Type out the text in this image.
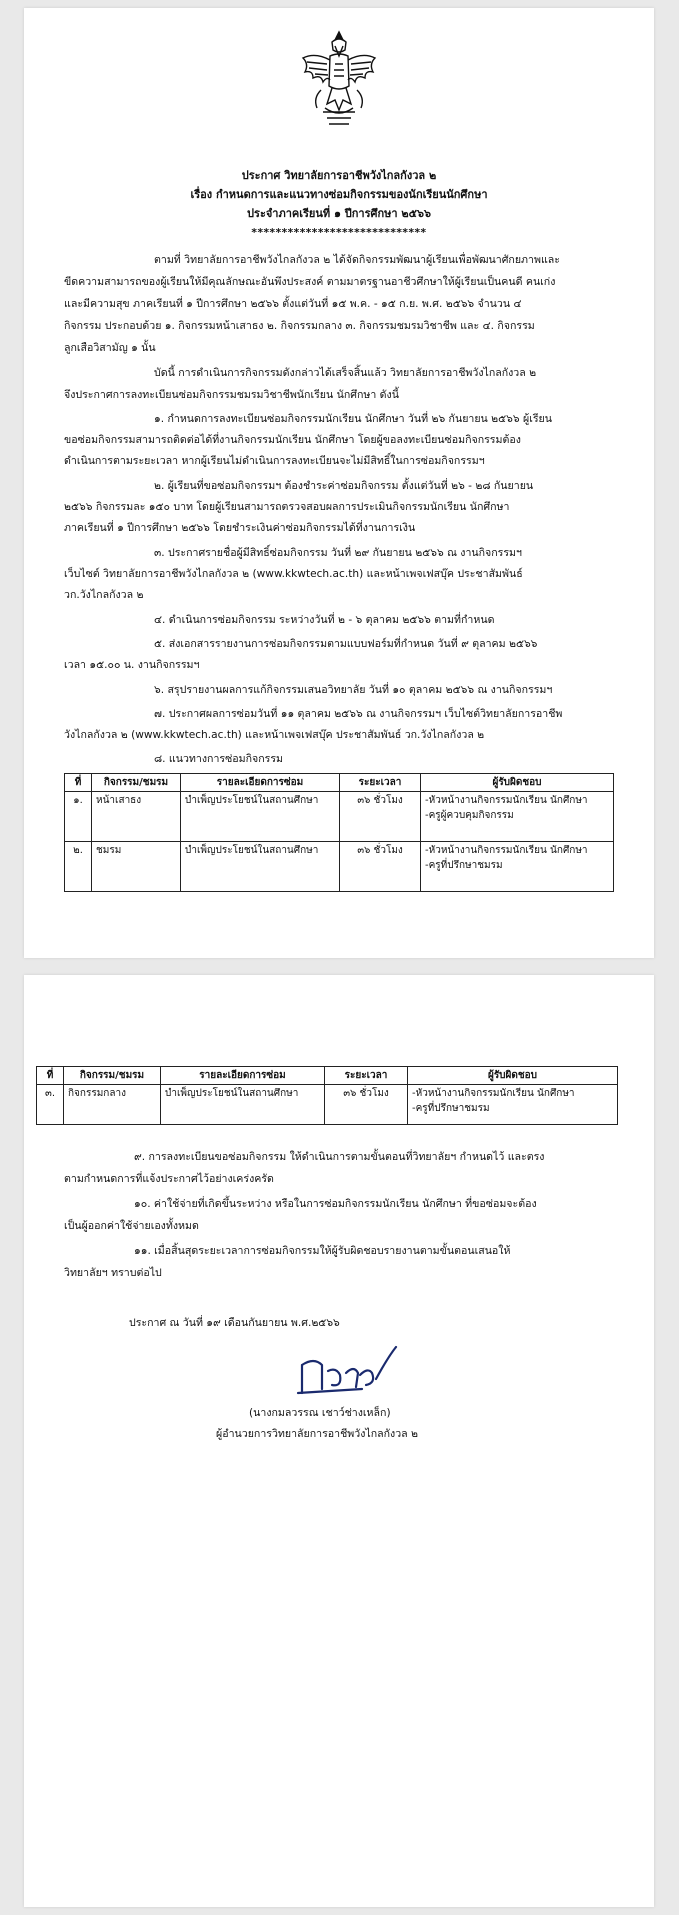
ประกาศ วิทยาลัยการอาชีพวังไกลกังวล ๒
เรื่อง กำหนดการและแนวทางซ่อมกิจกรรมของนักเรียนนักศึกษา
ประจำภาคเรียนที่ ๑ ปีการศึกษา ๒๕๖๖
*****************************
ตามที่ วิทยาลัยการอาชีพวังไกลกังวล ๒ ได้จัดกิจกรรมพัฒนาผู้เรียนเพื่อพัฒนาศักยภาพและ
ขีดความสามารถของผู้เรียนให้มีคุณลักษณะอันพึงประสงค์ ตามมาตรฐานอาชีวศึกษาให้ผู้เรียนเป็นคนดี คนเก่ง
และมีความสุข ภาคเรียนที่ ๑ ปีการศึกษา ๒๕๖๖ ตั้งแต่วันที่ ๑๕ พ.ค. - ๑๕ ก.ย. พ.ศ. ๒๕๖๖ จำนวน ๔
กิจกรรม ประกอบด้วย ๑. กิจกรรมหน้าเสาธง ๒. กิจกรรมกลาง ๓. กิจกรรมชมรมวิชาชีพ และ ๔. กิจกรรม
ลูกเสือวิสามัญ ๑ นั้น
บัดนี้ การดำเนินการกิจกรรมดังกล่าวได้เสร็จสิ้นแล้ว วิทยาลัยการอาชีพวังไกลกังวล ๒
จึงประกาศการลงทะเบียนซ่อมกิจกรรมชมรมวิชาชีพนักเรียน นักศึกษา ดังนี้
๑. กำหนดการลงทะเบียนซ่อมกิจกรรมนักเรียน นักศึกษา วันที่ ๒๖ กันยายน ๒๕๖๖ ผู้เรียน
ขอซ่อมกิจกรรมสามารถติดต่อได้ที่งานกิจกรรมนักเรียน นักศึกษา โดยผู้ขอลงทะเบียนซ่อมกิจกรรมต้อง
ดำเนินการตามระยะเวลา หากผู้เรียนไม่ดำเนินการลงทะเบียนจะไม่มีสิทธิ์ในการซ่อมกิจกรรมฯ
๒. ผู้เรียนที่ขอซ่อมกิจกรรมฯ ต้องชำระค่าซ่อมกิจกรรม ตั้งแต่วันที่ ๒๖ - ๒๘ กันยายน
๒๕๖๖ กิจกรรมละ ๑๕๐ บาท โดยผู้เรียนสามารถตรวจสอบผลการประเมินกิจกรรมนักเรียน นักศึกษา
ภาคเรียนที่ ๑ ปีการศึกษา ๒๕๖๖ โดยชำระเงินค่าซ่อมกิจกรรมได้ที่งานการเงิน
๓. ประกาศรายชื่อผู้มีสิทธิ์ซ่อมกิจกรรม วันที่ ๒๙ กันยายน ๒๕๖๖ ณ งานกิจกรรมฯ
เว็บไซต์ วิทยาลัยการอาชีพวังไกลกังวล ๒ (www.kkwtech.ac.th) และหน้าเพจเฟสบุ๊ค ประชาสัมพันธ์
วก.วังไกลกังวล ๒
๔. ดำเนินการซ่อมกิจกรรม ระหว่างวันที่ ๒ - ๖ ตุลาคม ๒๕๖๖ ตามที่กำหนด
๕. ส่งเอกสารรายงานการซ่อมกิจกรรมตามแบบฟอร์มที่กำหนด วันที่ ๙ ตุลาคม ๒๕๖๖
เวลา ๑๕.๐๐ น. งานกิจกรรมฯ
๖. สรุปรายงานผลการแก้กิจกรรมเสนอวิทยาลัย วันที่ ๑๐ ตุลาคม ๒๕๖๖ ณ งานกิจกรรมฯ
๗. ประกาศผลการซ่อมวันที่ ๑๑ ตุลาคม ๒๕๖๖ ณ งานกิจกรรมฯ เว็บไซต์วิทยาลัยการอาชีพ
วังไกลกังวล ๒ (www.kkwtech.ac.th) และหน้าเพจเฟสบุ๊ค ประชาสัมพันธ์ วก.วังไกลกังวล ๒
๘. แนวทางการซ่อมกิจกรรม
ที่	กิจกรรม/ชมรม	รายละเอียดการซ่อม	ระยะเวลา	ผู้รับผิดชอบ
๑.	หน้าเสาธง	บำเพ็ญประโยชน์ในสถานศึกษา	๓๖ ชั่วโมง	-หัวหน้างานกิจกรรมนักเรียน นักศึกษา
-ครูผู้ควบคุมกิจกรรม

๒.	ชมรม	บำเพ็ญประโยชน์ในสถานศึกษา	๓๖ ชั่วโมง	-หัวหน้างานกิจกรรมนักเรียน นักศึกษา
-ครูที่ปรึกษาชมรม
ที่	กิจกรรม/ชมรม	รายละเอียดการซ่อม	ระยะเวลา	ผู้รับผิดชอบ
๓.	กิจกรรมกลาง	บำเพ็ญประโยชน์ในสถานศึกษา	๓๖ ชั่วโมง	-หัวหน้างานกิจกรรมนักเรียน นักศึกษา
-ครูที่ปรึกษาชมรม
๙. การลงทะเบียนขอซ่อมกิจกรรม ให้ดำเนินการตามขั้นตอนที่วิทยาลัยฯ กำหนดไว้ และตรง
ตามกำหนดการที่แจ้งประกาศไว้อย่างเคร่งครัด
๑๐. ค่าใช้จ่ายที่เกิดขึ้นระหว่าง หรือในการซ่อมกิจกรรมนักเรียน นักศึกษา ที่ขอซ่อมจะต้อง
เป็นผู้ออกค่าใช้จ่ายเองทั้งหมด
๑๑. เมื่อสิ้นสุดระยะเวลาการซ่อมกิจกรรมให้ผู้รับผิดชอบรายงานตามขั้นตอนเสนอให้
วิทยาลัยฯ ทราบต่อไป
ประกาศ ณ วันที่ ๑๙ เดือนกันยายน พ.ศ.๒๕๖๖
(นางกมลวรรณ เชาว์ช่างเหล็ก)
ผู้อำนวยการวิทยาลัยการอาชีพวังไกลกังวล ๒
